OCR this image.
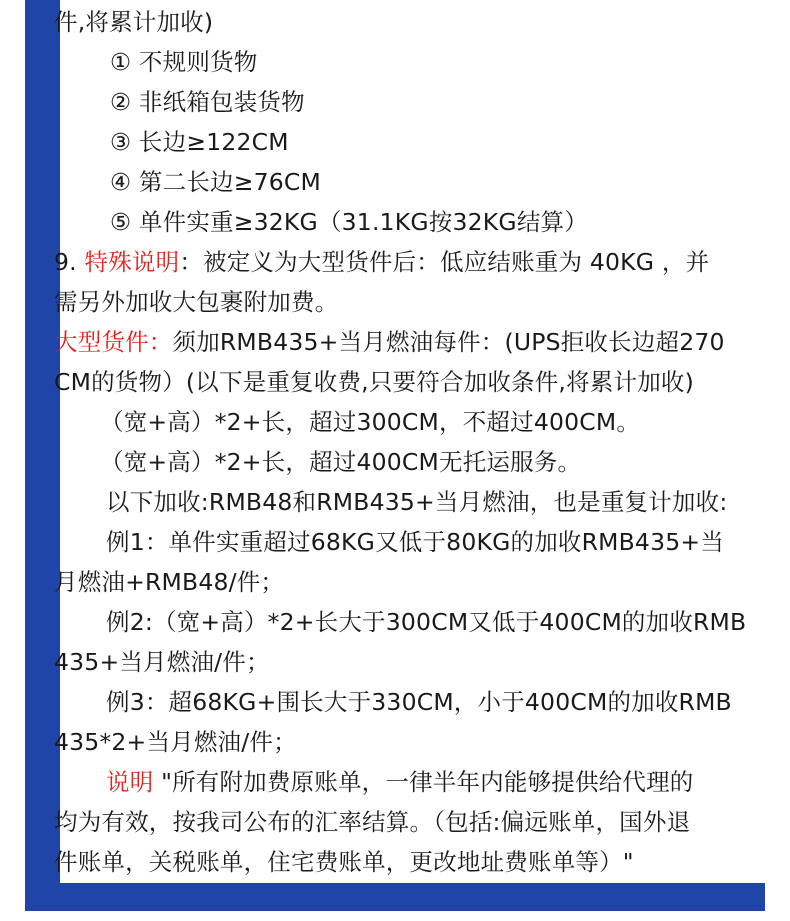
件,将累计加收)
① 不规则货物
② 非纸箱包装货物
③ 长边≥122CM
④ 第二长边≥76CM
⑤ 单件实重≥32KG（31.1KG按32KG结算）
9. 特殊说明：被定义为大型货件后：低应结账重为 40KG ，并
需另外加收大包裹附加费。
大型货件：须加RMB435+当月燃油每件：(UPS拒收长边超270
CM的货物）(以下是重复收费,只要符合加收条件,将累计加收)
（宽+高）*2+长，超过300CM，不超过400CM。
（宽+高）*2+长，超过400CM无托运服务。
以下加收:RMB48和RMB435+当月燃油，也是重复计加收:
例1：单件实重超过68KG又低于80KG的加收RMB435+当
月燃油+RMB48/件；
例2:（宽+高）*2+长大于300CM又低于400CM的加收RMB
435+当月燃油/件；
例3：超68KG+围长大于330CM，小于400CM的加收RMB
435*2+当月燃油/件；
说明 "所有附加费原账单，一律半年内能够提供给代理的
均为有效，按我司公布的汇率结算。（包括:偏远账单，国外退
件账单，关税账单，住宅费账单，更改地址费账单等）"
